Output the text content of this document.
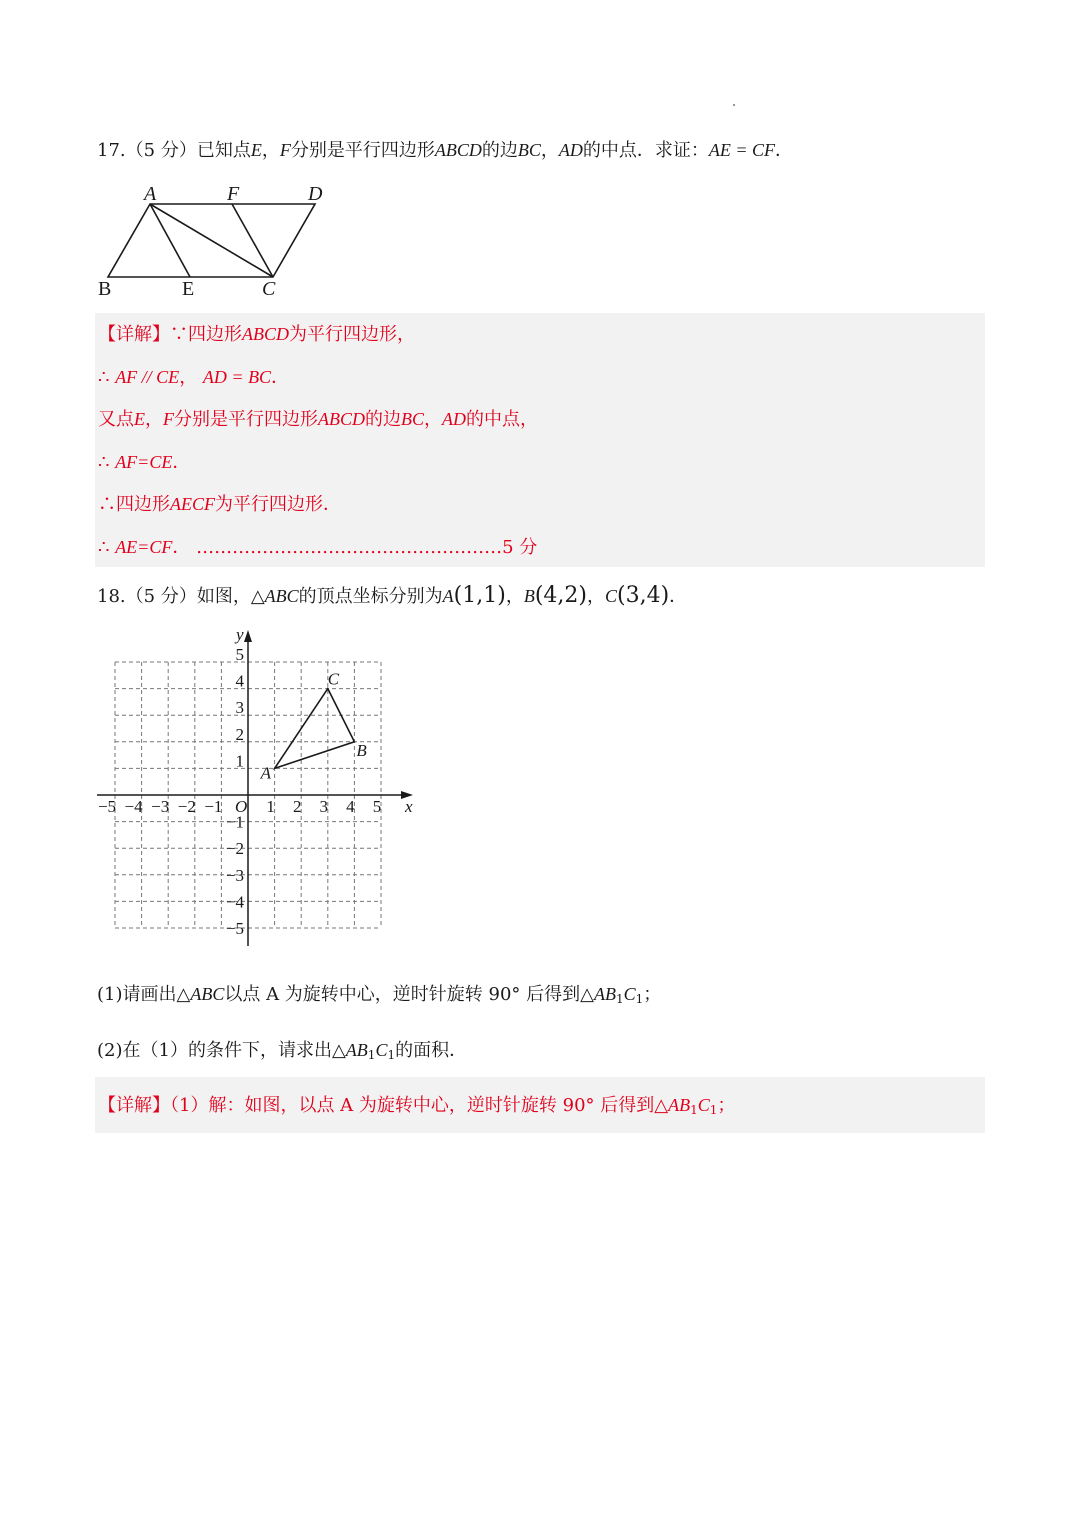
17.（5 分）已知点E，F分别是平行四边形ABCD的边BC，AD的中点．求证：AE = CF．
A	F	D
B	E	C
【详解】∵四边形ABCD为平行四边形，
∴ AF // CE， AD = BC．
又点E，F分别是平行四边形ABCD的边BC，AD的中点，
∴ AF=CE．
∴四边形AECF为平行四边形．
∴ AE=CF． ……………………………………………5 分
18.（5 分）如图，△ABC的顶点坐标分别为A(1,1)，B(4,2)，C(3,4)．
x
y
O
−5 −4 −3 −2 −1	1 2 3 4 5
5
4
3
2
1
−1
−2
−3
−4
−5
A
B
C
(1)请画出△ABC以点 A 为旋转中心，逆时针旋转 90° 后得到$\triangle AB_1C_1$；
(2)在（1）的条件下，请求出$\triangle AB_1C_1$的面积．
【详解】（1）解：如图，以点 A 为旋转中心，逆时针旋转 90° 后得到$\triangle AB_1C_1$；
